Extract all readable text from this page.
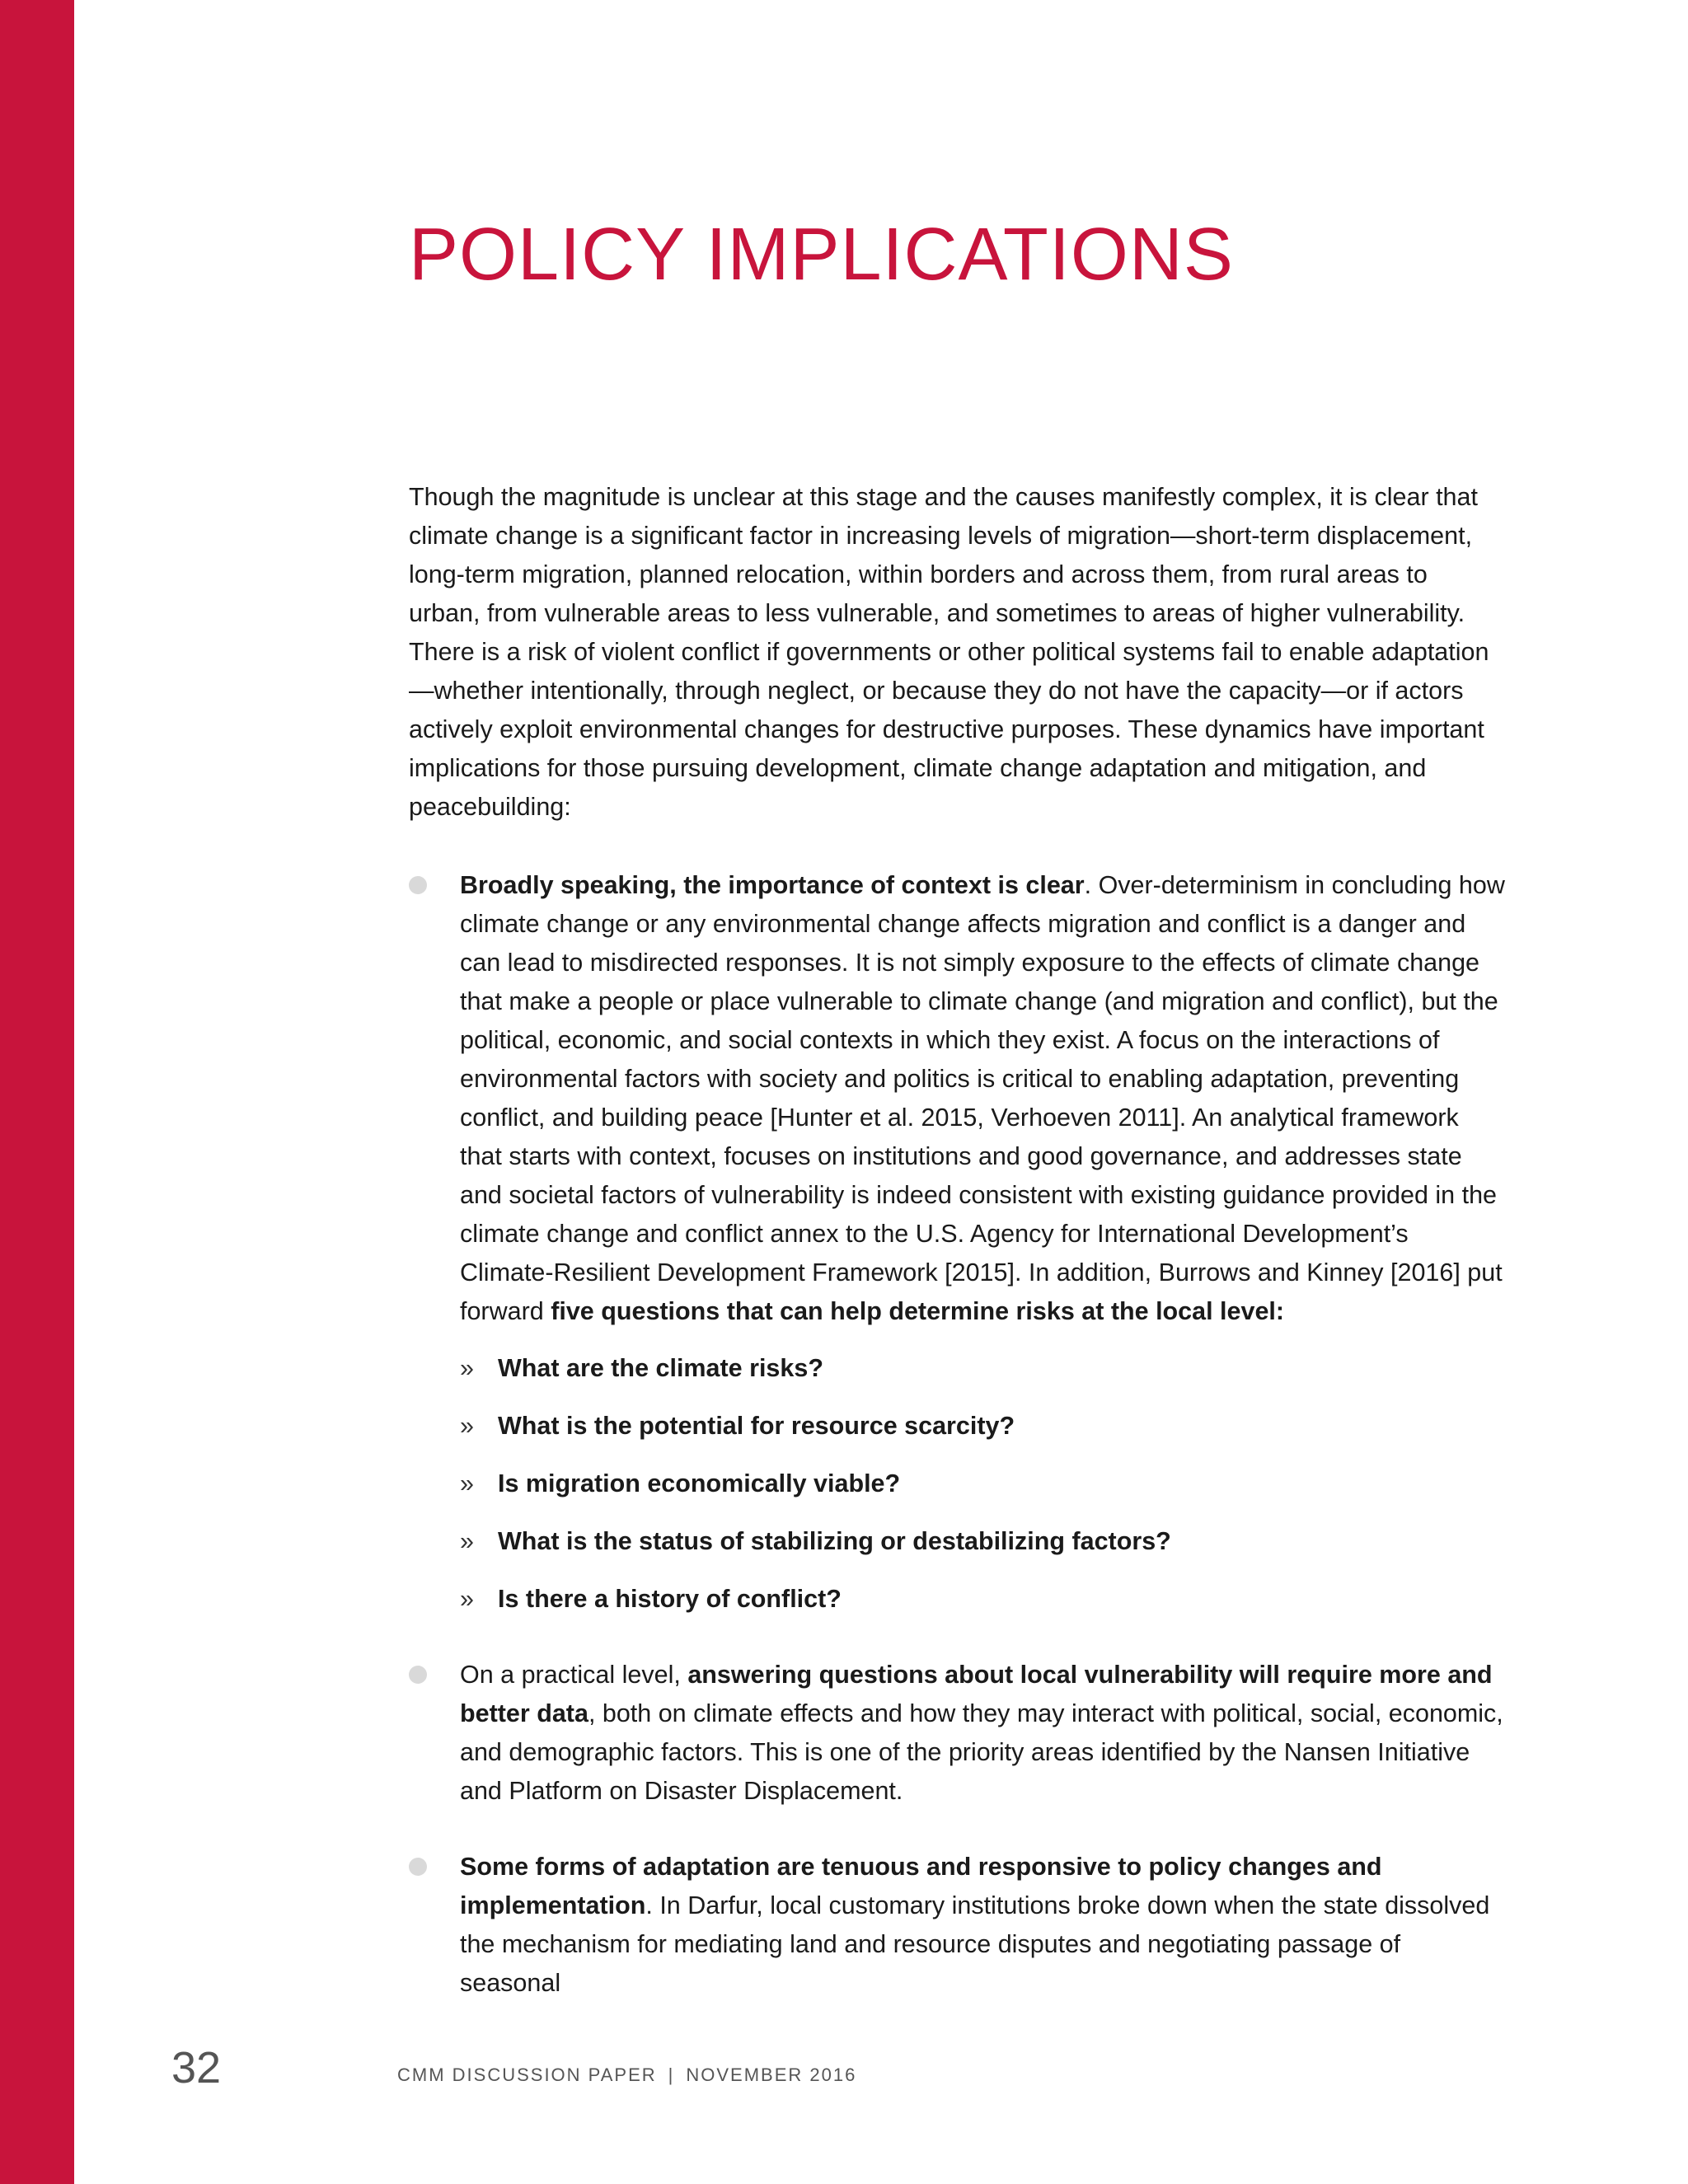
POLICY IMPLICATIONS

Though the magnitude is unclear at this stage and the causes manifestly complex, it is clear that climate change is a significant factor in increasing levels of migration—short-term displacement, long-term migration, planned relocation, within borders and across them, from rural areas to urban, from vulnerable areas to less vulnerable, and sometimes to areas of higher vulnerability. There is a risk of violent conflict if governments or other political systems fail to enable adaptation—whether intentionally, through neglect, or because they do not have the capacity—or if actors actively exploit environmental changes for destructive purposes. These dynamics have important implications for those pursuing development, climate change adaptation and mitigation, and peacebuilding:

Broadly speaking, the importance of context is clear. Over-determinism in concluding how climate change or any environmental change affects migration and conflict is a danger and can lead to misdirected responses. It is not simply exposure to the effects of climate change that make a people or place vulnerable to climate change (and migration and conflict), but the political, economic, and social contexts in which they exist. A focus on the interactions of environmental factors with society and politics is critical to enabling adaptation, preventing conflict, and building peace [Hunter et al. 2015, Verhoeven 2011]. An analytical framework that starts with context, focuses on institutions and good governance, and addresses state and societal factors of vulnerability is indeed consistent with existing guidance provided in the climate change and conflict annex to the U.S. Agency for International Development’s Climate-Resilient Development Framework [2015]. In addition, Burrows and Kinney [2016] put forward five questions that can help determine risks at the local level:

» What are the climate risks?
» What is the potential for resource scarcity?
» Is migration economically viable?
» What is the status of stabilizing or destabilizing factors?
» Is there a history of conflict?

On a practical level, answering questions about local vulnerability will require more and better data, both on climate effects and how they may interact with political, social, economic, and demographic factors. This is one of the priority areas identified by the Nansen Initiative and Platform on Disaster Displacement.

Some forms of adaptation are tenuous and responsive to policy changes and implementation. In Darfur, local customary institutions broke down when the state dissolved the mechanism for mediating land and resource disputes and negotiating passage of seasonal

32	CMM DISCUSSION PAPER | NOVEMBER 2016
